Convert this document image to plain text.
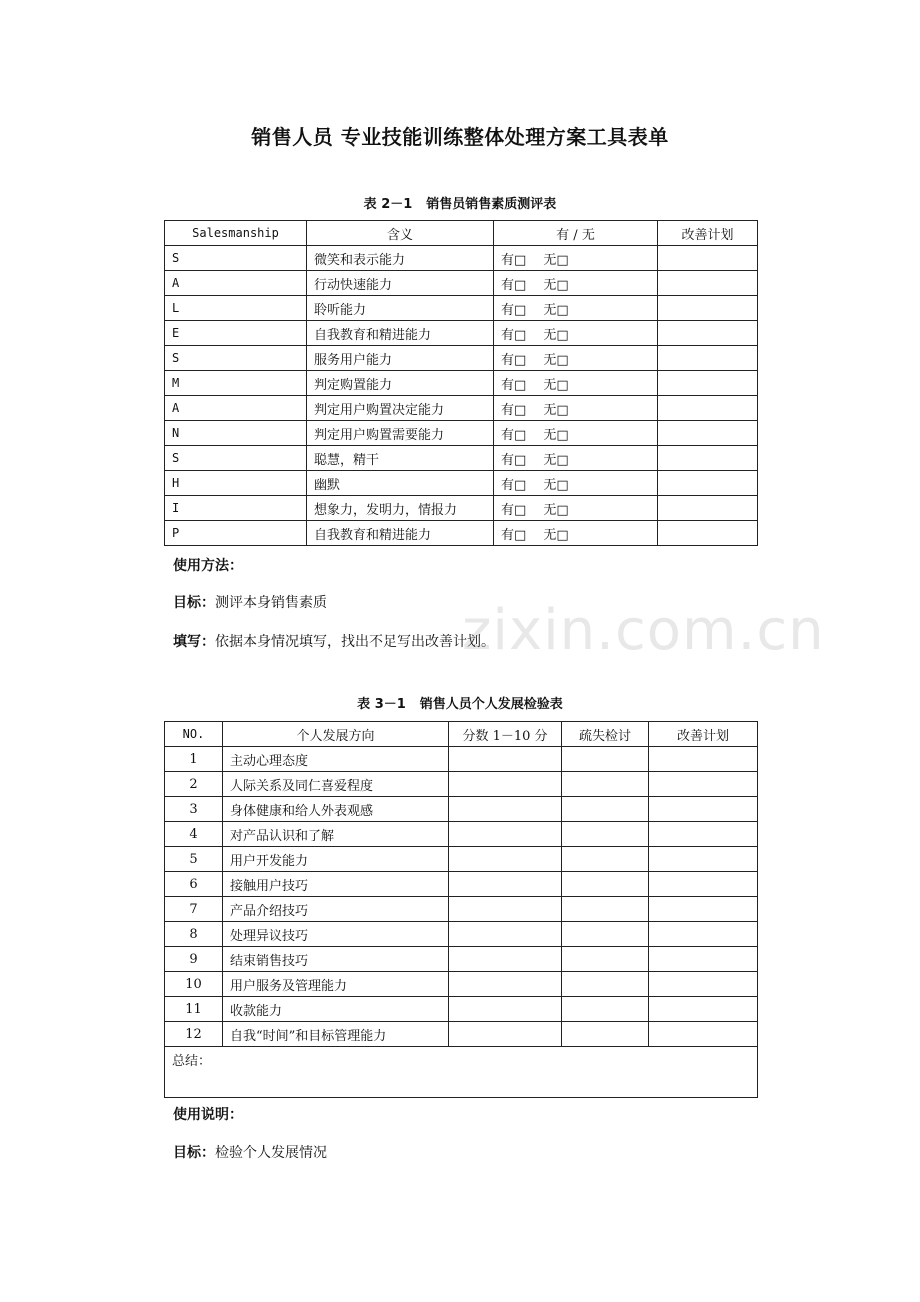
销售人员 专业技能训练整体处理方案工具表单
表 2－1 销售员销售素质测评表
Salesmanship	含义	有 / 无	改善计划
S	微笑和表示能力	有□　 无□	
A	行动快速能力	有□　 无□	
L	聆听能力	有□　 无□	
E	自我教育和精进能力	有□　 无□	
S	服务用户能力	有□　 无□	
M	判定购置能力	有□　 无□	
A	判定用户购置决定能力	有□　 无□	
N	判定用户购置需要能力	有□　 无□	
S	聪慧，精干	有□　 无□	
H	幽默	有□　 无□	
I	想象力，发明力，情报力	有□　 无□	
P	自我教育和精进能力	有□　 无□	
使用方法：
目标：测评本身销售素质
填写：依据本身情况填写，找出不足写出改善计划。
zixin.com.cn
表 3－1 销售人员个人发展检验表
NO.	个人发展方向	分数 1－10 分	疏失检讨	改善计划
1	主动心理态度			
2	人际关系及同仁喜爱程度			
3	身体健康和给人外表观感			
4	对产品认识和了解			
5	用户开发能力			
6	接触用户技巧			
7	产品介绍技巧			
8	处理异议技巧			
9	结束销售技巧			
10	用户服务及管理能力			
11	收款能力			
12	自我“时间”和目标管理能力			
总结：				
使用说明：
目标：检验个人发展情况
